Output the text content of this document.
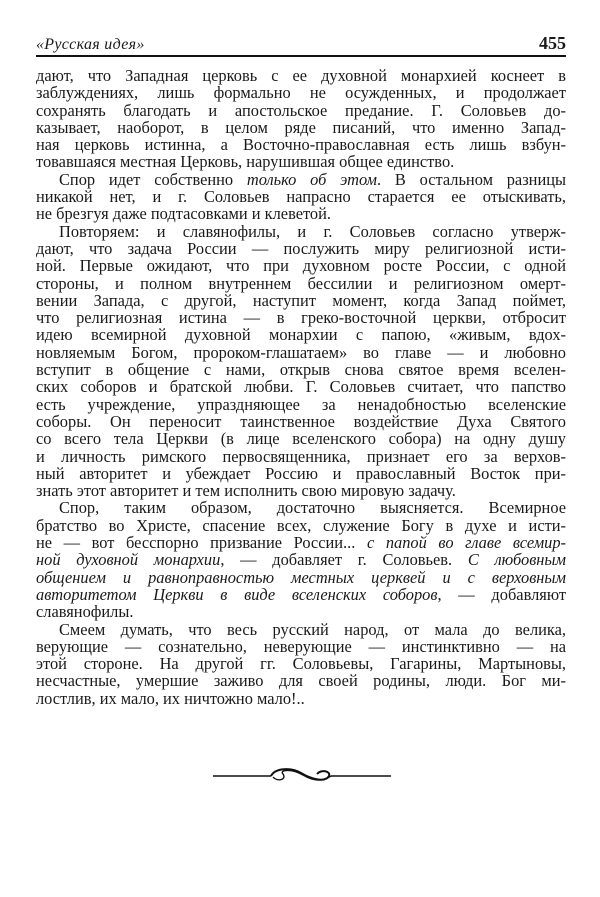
«Русская идея»	455
дают, что Западная церковь с ее духовной монархией коснеет в
заблуждениях, лишь формально не осужденных, и продолжает
сохранять благодать и апостольское предание. Г. Соловьев до-
казывает, наоборот, в целом ряде писаний, что именно Запад-
ная церковь истинна, а Восточно-православная есть лишь взбун-
товавшаяся местная Церковь, нарушившая общее единство.
Спор идет собственно только об этом. В остальном разницы
никакой нет, и г. Соловьев напрасно старается ее отыскивать,
не брезгуя даже подтасовками и клеветой.
Повторяем: и славянофилы, и г. Соловьев согласно утверж-
дают, что задача России — послужить миру религиозной исти-
ной. Первые ожидают, что при духовном росте России, с одной
стороны, и полном внутреннем бессилии и религиозном омерт-
вении Запада, с другой, наступит момент, когда Запад поймет,
что религиозная истина — в греко-восточной церкви, отбросит
идею всемирной духовной монархии с папою, «живым, вдох-
новляемым Богом, пророком-глашатаем» во главе — и любовно
вступит в общение с нами, открыв снова святое время вселен-
ских соборов и братской любви. Г. Соловьев считает, что папство
есть учреждение, упраздняющее за ненадобностью вселенские
соборы. Он переносит таинственное воздействие Духа Святого
со всего тела Церкви (в лице вселенского собора) на одну душу
и личность римского первосвященника, признает его за верхов-
ный авторитет и убеждает Россию и православный Восток при-
знать этот авторитет и тем исполнить свою мировую задачу.
Спор, таким образом, достаточно выясняется. Всемирное
братство во Христе, спасение всех, служение Богу в духе и исти-
не — вот бесспорно призвание России... с папой во главе всемир-
ной духовной монархии, — добавляет г. Соловьев. С любовным
общением и равноправностью местных церквей и с верховным
авторитетом Церкви в виде вселенских соборов, — добавляют
славянофилы.
Смеем думать, что весь русский народ, от мала до велика,
верующие — сознательно, неверующие — инстинктивно — на
этой стороне. На другой гг. Соловьевы, Гагарины, Мартыновы,
несчастные, умершие заживо для своей родины, люди. Бог ми-
лостлив, их мало, их ничтожно мало!..
